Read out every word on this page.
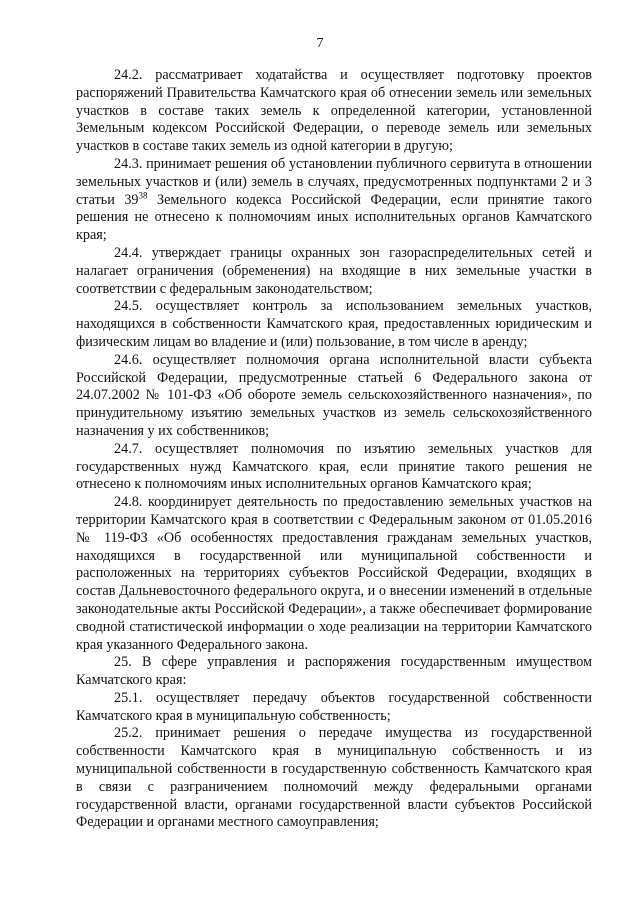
7

24.2. рассматривает ходатайства и осуществляет подготовку проектов распоряжений Правительства Камчатского края об отнесении земель или земельных участков в составе таких земель к определенной категории, установленной Земельным кодексом Российской Федерации, о переводе земель или земельных участков в составе таких земель из одной категории в другую;

24.3. принимает решения об установлении публичного сервитута в отношении земельных участков и (или) земель в случаях, предусмотренных подпунктами 2 и 3 статьи $39^{38}$ Земельного кодекса Российской Федерации, если принятие такого решения не отнесено к полномочиям иных исполнительных органов Камчатского края;

24.4. утверждает границы охранных зон газораспределительных сетей и налагает ограничения (обременения) на входящие в них земельные участки в соответствии с федеральным законодательством;

24.5. осуществляет контроль за использованием земельных участков, находящихся в собственности Камчатского края, предоставленных юридическим и физическим лицам во владение и (или) пользование, в том числе в аренду;

24.6. осуществляет полномочия органа исполнительной власти субъекта Российской Федерации, предусмотренные статьей 6 Федерального закона от 24.07.2002 № 101-ФЗ «Об обороте земель сельскохозяйственного назначения», по принудительному изъятию земельных участков из земель сельскохозяйственного назначения у их собственников;

24.7. осуществляет полномочия по изъятию земельных участков для государственных нужд Камчатского края, если принятие такого решения не отнесено к полномочиям иных исполнительных органов Камчатского края;

24.8. координирует деятельность по предоставлению земельных участков на территории Камчатского края в соответствии с Федеральным законом от 01.05.2016 № 119-ФЗ «Об особенностях предоставления гражданам земельных участков, находящихся в государственной или муниципальной собственности и расположенных на территориях субъектов Российской Федерации, входящих в состав Дальневосточного федерального округа, и о внесении изменений в отдельные законодательные акты Российской Федерации», а также обеспечивает формирование сводной статистической информации о ходе реализации на территории Камчатского края указанного Федерального закона.

25. В сфере управления и распоряжения государственным имуществом Камчатского края:

25.1. осуществляет передачу объектов государственной собственности Камчатского края в муниципальную собственность;

25.2. принимает решения о передаче имущества из государственной собственности Камчатского края в муниципальную собственность и из муниципальной собственности в государственную собственность Камчатского края в связи с разграничением полномочий между федеральными органами государственной власти, органами государственной власти субъектов Российской Федерации и органами местного самоуправления;
